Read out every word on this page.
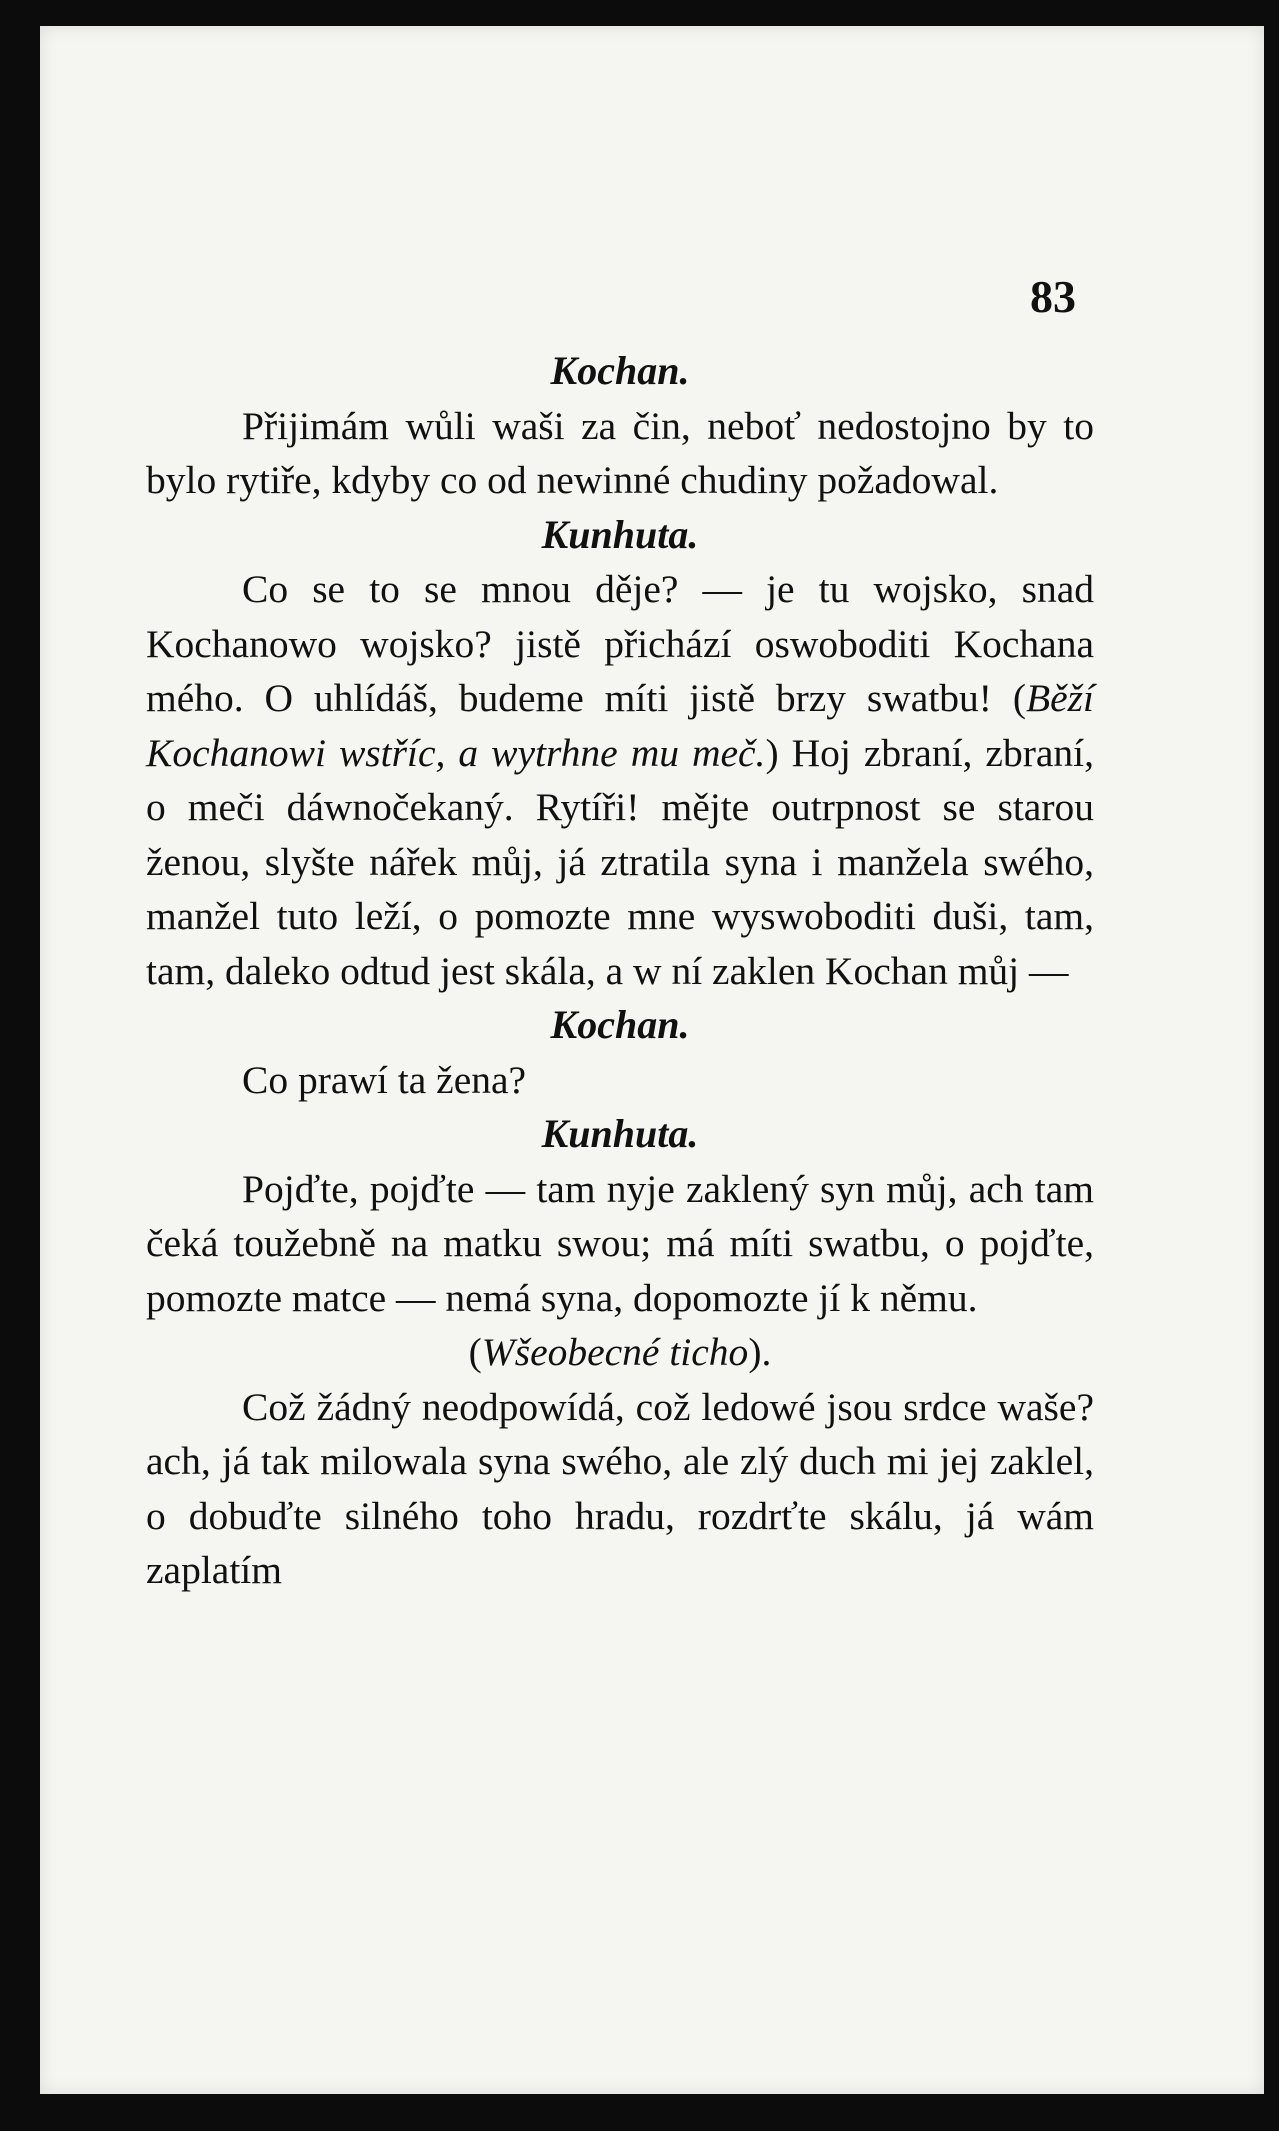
83
Kochan.

Přijimám wůli waši za čin, neboť nedostojno by to bylo rytiře, kdyby co od newinné chudiny požadowal.

Kunhuta.

Co se to se mnou děje? — je tu wojsko, snad Kochanowo wojsko? jistě přichází oswoboditi Kochana mého. O uhlídáš, budeme míti jistě brzy swatbu! (Běží Kochanowi wstříc, a wytrhne mu meč.) Hoj zbraní, zbraní, o meči dáwnočekaný. Rytíři! mějte outrpnost se starou ženou, slyšte nářek můj, já ztratila syna i manžela swého, manžel tuto leží, o pomozte mne wyswoboditi duši, tam, tam, daleko odtud jest skála, a w ní zaklen Kochan můj —

Kochan.

Co prawí ta žena?

Kunhuta.

Pojďte, pojďte — tam nyje zaklený syn můj, ach tam čeká toužebně na matku swou; má míti swatbu, o pojďte, pomozte matce — nemá syna, dopomozte jí k němu.

(Wšeobecné ticho).

Což žádný neodpowídá, což ledowé jsou srdce waše? ach, já tak milowala syna swého, ale zlý duch mi jej zaklel, o dobuďte silného toho hradu, rozdrťte skálu, já wám zaplatím
